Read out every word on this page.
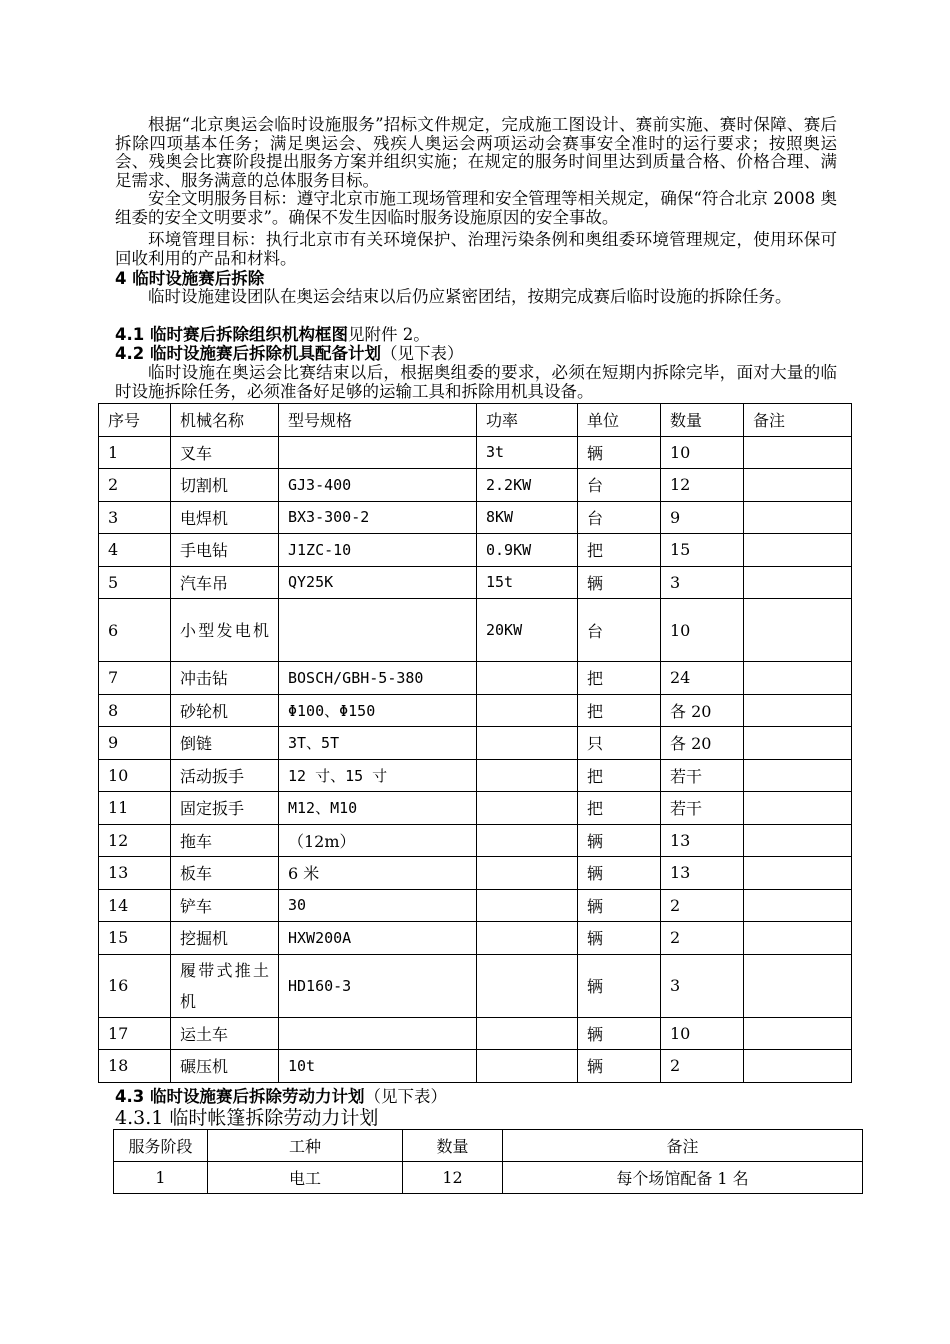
根据“北京奥运会临时设施服务”招标文件规定，完成施工图设计、赛前实施、赛时保障、赛后拆除四项基本任务；满足奥运会、残疾人奥运会两项运动会赛事安全准时的运行要求；按照奥运会、残奥会比赛阶段提出服务方案并组织实施；在规定的服务时间里达到质量合格、价格合理、满足需求、服务满意的总体服务目标。

安全文明服务目标：遵守北京市施工现场管理和安全管理等相关规定，确保“符合北京 2008 奥组委的安全文明要求”。确保不发生因临时服务设施原因的安全事故。

环境管理目标：执行北京市有关环境保护、治理污染条例和奥组委环境管理规定，使用环保可回收利用的产品和材料。

4 临时设施赛后拆除

临时设施建设团队在奥运会结束以后仍应紧密团结，按期完成赛后临时设施的拆除任务。

4.1 临时赛后拆除组织机构框图见附件 2。

4.2 临时设施赛后拆除机具配备计划（见下表）

临时设施在奥运会比赛结束以后，根据奥组委的要求，必须在短期内拆除完毕，面对大量的临时设施拆除任务，必须准备好足够的运输工具和拆除用机具设备。

序号	机械名称	型号规格	功率	单位	数量	备注
1	叉车		3t	辆	10	
2	切割机	GJ3-400	2.2KW	台	12	
3	电焊机	BX3-300-2	8KW	台	9	
4	手电钻	J1ZC-10	0.9KW	把	15	
5	汽车吊	QY25K	15t	辆	3	
6	小型发电机		20KW	台	10	
7	冲击钻	BOSCH/GBH-5-380		把	24	
8	砂轮机	Φ100、Φ150		把	各 20	
9	倒链	3T、5T		只	各 20	
10	活动扳手	12 寸、15 寸		把	若干	
11	固定扳手	M12、M10		把	若干	
12	拖车	（12m）		辆	13	
13	板车	6 米		辆	13	
14	铲车	30		辆	2	
15	挖掘机	HXW200A		辆	2	
16	履带式推土机	HD160-3		辆	3	
17	运土车			辆	10	
18	碾压机	10t		辆	2	

4.3 临时设施赛后拆除劳动力计划（见下表）

4.3.1 临时帐篷拆除劳动力计划

服务阶段	工种	数量	备注
1	电工	12	每个场馆配备 1 名
